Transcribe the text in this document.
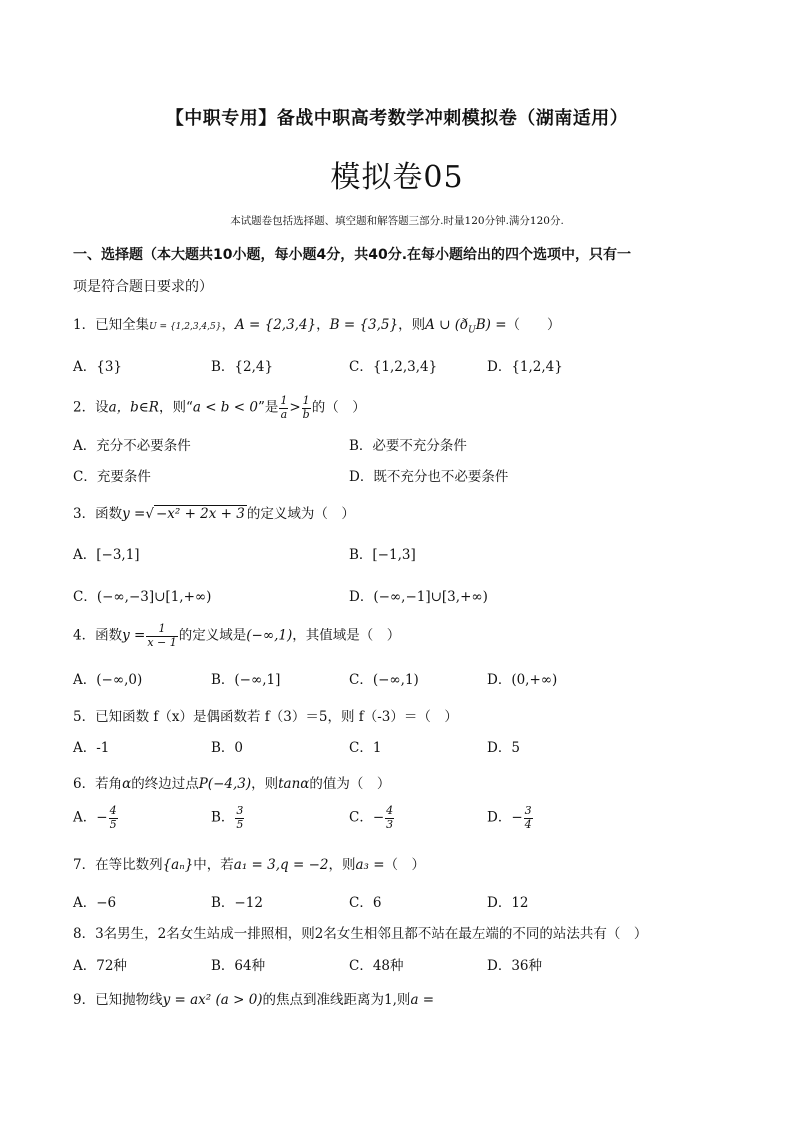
【中职专用】备战中职高考数学冲刺模拟卷（湖南适用）
模拟卷05
本试题卷包括选择题、填空题和解答题三部分.时量120分钟.满分120分.
一、选择题（本大题共10小题，每小题4分，共40分.在每小题给出的四个选项中，只有一
项是符合题日要求的）
1．已知全集U = {1,2,3,4,5}，A = {2,3,4}，B = {3,5}，则A ∪ $(ð_UB)$ =（　　）
A．{3}	B．{2,4}	C．{1,2,3,4}	D．{1,2,4}
2．设a，b∈R，则“a < b < 0”是 $\frac{1}{a} > \frac{1}{b}$ 的（　）
A．充分不必要条件	B．必要不充分条件
C．充要条件	D．既不充分也不必要条件
3．函数y =√ −x² + 2x + 3 的定义域为（　）
A．[−3,1]	B．[−1,3]
C．(−∞,−3]∪[1,+∞)	D．(−∞,−1]∪[3,+∞)
4．函数$y = \frac{1}{x - 1}$ 的定义域是(−∞,1)，其值域是（　）
A．(−∞,0)	B．(−∞,1]	C．(−∞,1)	D．(0,+∞)
5．已知函数 f（x）是偶函数若 f（3）＝5，则 f（-3）＝（　）
A．-1	B．0	C．1	D．5
6．若角α的终边过点P(−4,3)，则tanα的值为（　）
A．− $\frac{4}{5}$	B． $\frac{3}{5}$	C．− $\frac{4}{3}$	D．− $\frac{3}{4}$
7．在等比数列{aₙ}中，若a₁ = 3,q = −2，则a₃ =（　）
A．−6	B．−12	C．6	D．12
8．3名男生，2名女生站成一排照相，则2名女生相邻且都不站在最左端的不同的站法共有（　）
A．72种	B．64种	C．48种	D．36种
9．已知抛物线y = ax² (a > 0)的焦点到准线距离为1,则a =
